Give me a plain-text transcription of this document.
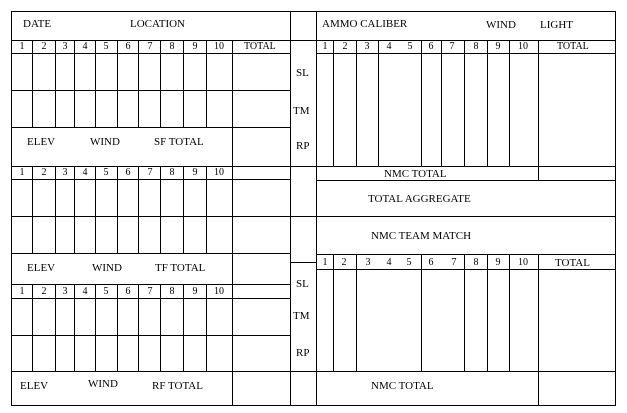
DATE	LOCATION
1	2	3	4	5	6	7	8	9	10	TOTAL
ELEV	WIND	SF TOTAL
1	2	3	4	5	6	7	8	9	10
ELEV	WIND	TF TOTAL
1	2	3	4	5	6	7	8	9	10
ELEV	WIND	RF TOTAL
AMMO CALIBER	WIND LIGHT
1	2	3	4	5	6	7	8	9	10	TOTAL
SL
TM
RP
NMC TOTAL
TOTAL AGGREGATE
NMC TEAM MATCH
1	2	3	4	5	6	7	8	9	10	TOTAL
SL
TM
RP
NMC TOTAL
